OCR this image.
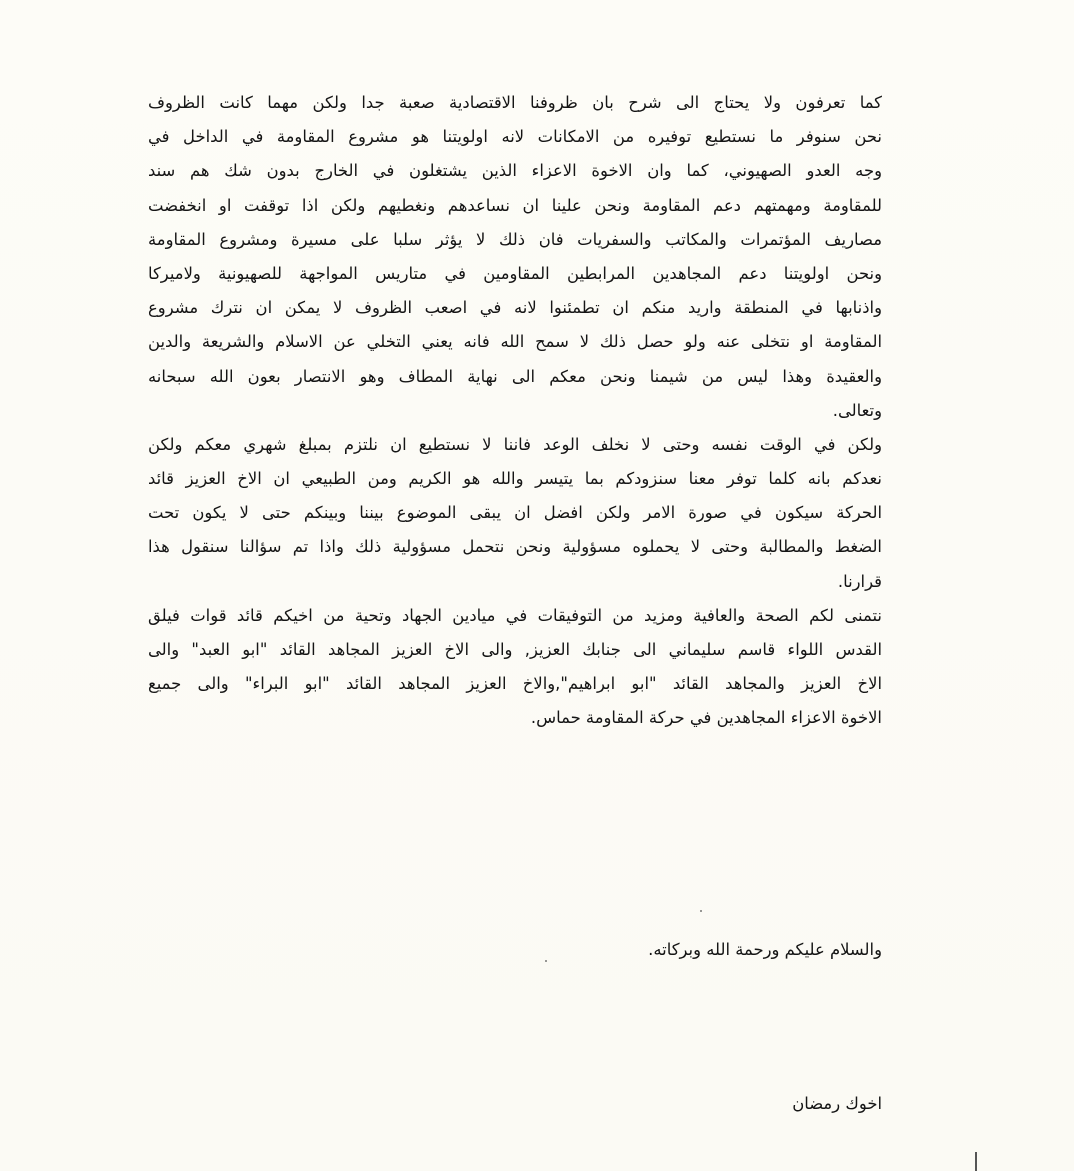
كما تعرفون ولا يحتاج الى شرح بان ظروفنا الاقتصادية صعبة جدا ولكن مهما كانت الظروف
نحن سنوفر ما نستطيع توفيره من الامكانات لانه اولويتنا هو مشروع المقاومة في الداخل في
وجه العدو الصهيوني، كما وان الاخوة الاعزاء الذين يشتغلون في الخارج بدون شك هم سند
للمقاومة ومهمتهم دعم المقاومة ونحن علينا ان نساعدهم ونغطيهم ولكن اذا توقفت او انخفضت
مصاريف المؤتمرات والمكاتب والسفريات فان ذلك لا يؤثر سلبا على مسيرة ومشروع المقاومة
ونحن اولويتنا دعم المجاهدين المرابطين المقاومين في متاريس المواجهة للصهيونية ولاميركا
واذنابها في المنطقة واريد منكم ان تطمئنوا لانه في اصعب الظروف لا يمكن ان نترك مشروع
المقاومة او نتخلى عنه ولو حصل ذلك لا سمح الله فانه يعني التخلي عن الاسلام والشريعة والدين
والعقيدة وهذا ليس من شيمنا ونحن معكم الى نهاية المطاف وهو الانتصار بعون الله سبحانه
وتعالى.
ولكن في الوقت نفسه وحتى لا نخلف الوعد فاننا لا نستطيع ان نلتزم بمبلغ شهري معكم ولكن
نعدكم بانه كلما توفر معنا سنزودكم بما يتيسر والله هو الكريم ومن الطبيعي ان الاخ العزيز قائد
الحركة سيكون في صورة الامر ولكن افضل ان يبقى الموضوع بيننا وبينكم حتى لا يكون تحت
الضغط والمطالبة وحتى لا يحملوه مسؤولية ونحن نتحمل مسؤولية ذلك واذا تم سؤالنا سنقول هذا
قرارنا.
نتمنى لكم الصحة والعافية ومزيد من التوفيقات في ميادين الجهاد وتحية من اخيكم قائد قوات فيلق
القدس اللواء قاسم سليماني الى جنابك العزيز, والى الاخ العزيز المجاهد القائد "ابو العبد" والى
الاخ العزيز والمجاهد القائد "ابو ابراهيم",والاخ العزيز المجاهد القائد "ابو البراء" والى جميع
الاخوة الاعزاء المجاهدين في حركة المقاومة حماس.
والسلام عليكم ورحمة الله وبركاته.
اخوك رمضان
